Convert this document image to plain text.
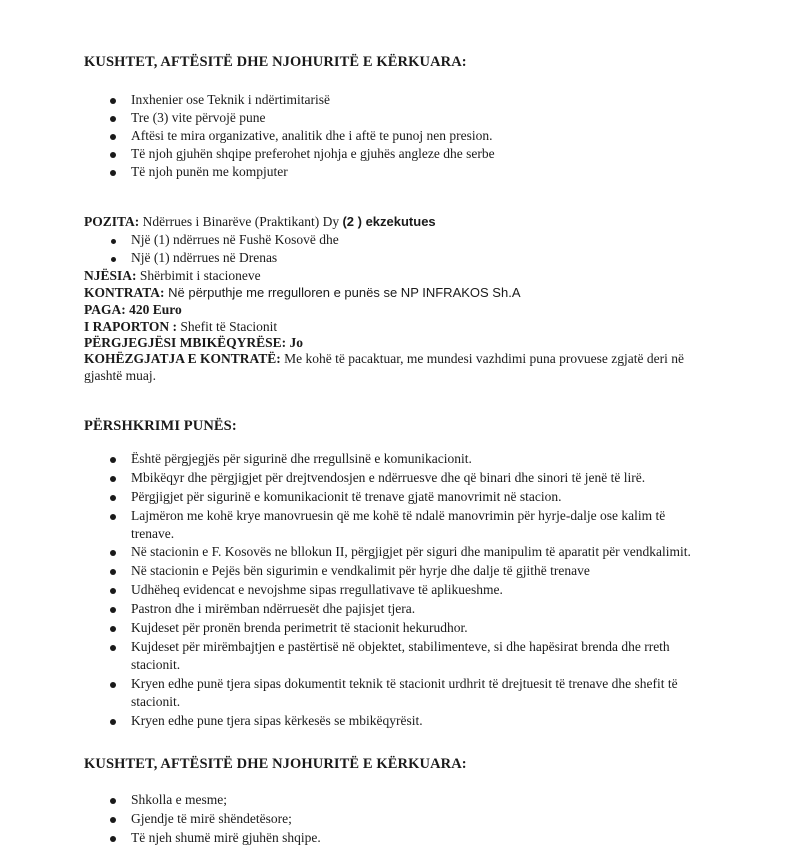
KUSHTET, AFTËSITË DHE NJOHURITË E KËRKUARA:
Inxhenier ose Teknik i ndërtimitarisë
Tre (3) vite përvojë pune
Aftësi te mira organizative, analitik dhe i aftë te punoj nen presion.
Të njoh gjuhën shqipe preferohet njohja e gjuhës angleze dhe serbe
Të njoh punën me kompjuter
POZITA: Ndërrues i Binarëve (Praktikant) Dy (2 ) ekzekutues
Një (1) ndërrues në Fushë Kosovë dhe
Një (1) ndërrues në Drenas
NJËSIA: Shërbimit i stacioneve
KONTRATA: Në përputhje me rregulloren e punës se NP INFRAKOS Sh.A
PAGA: 420 Euro
I RAPORTON : Shefit të Stacionit
PËRGJEGJËSI MBIKËQYRËSE: Jo
KOHËZGJATJA E KONTRATË: Me kohë të pacaktuar, me mundesi vazhdimi puna provuese zgjatë deri në
gjashtë muaj.
PËRSHKRIMI PUNËS:
Është përgjegjës për sigurinë dhe rregullsinë e komunikacionit.
Mbikëqyr dhe përgjigjet për drejtvendosjen e ndërruesve dhe që binari dhe sinori të jenë të lirë.
Përgjigjet për sigurinë e komunikacionit të trenave gjatë manovrimit në stacion.
Lajmëron me kohë krye manovruesin që me kohë të ndalë manovrimin për hyrje-dalje ose kalim të
trenave.
Në stacionin e F. Kosovës ne bllokun II, përgjigjet për siguri dhe manipulim të aparatit për vendkalimit.
Në stacionin e Pejës bën sigurimin e vendkalimit për hyrje dhe dalje të gjithë trenave
Udhëheq evidencat e nevojshme sipas rregullativave të aplikueshme.
Pastron dhe i mirëmban ndërruesët dhe pajisjet tjera.
Kujdeset për pronën brenda perimetrit të stacionit hekurudhor.
Kujdeset për mirëmbajtjen e pastërtisë në objektet, stabilimenteve, si dhe hapësirat brenda dhe rreth
stacionit.
Kryen edhe punë tjera sipas dokumentit teknik të stacionit urdhrit të drejtuesit të trenave dhe shefit të
stacionit.
Kryen edhe pune tjera sipas kërkesës se mbikëqyrësit.
KUSHTET, AFTËSITË DHE NJOHURITË E KËRKUARA:
Shkolla e mesme;
Gjendje të mirë shëndetësore;
Të njeh shumë mirë gjuhën shqipe.
